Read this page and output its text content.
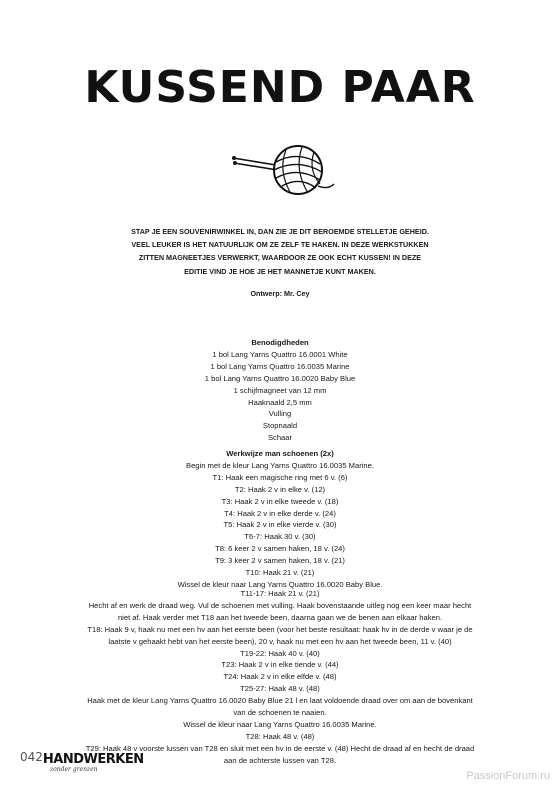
KUSSEND PAAR
STAP JE EEN SOUVENIRWINKEL IN, DAN ZIE JE DIT BEROEMDE STELLETJE GEHEID.
VEEL LEUKER IS HET NATUURLIJK OM ZE ZELF TE HAKEN. IN DEZE WERKSTUKKEN
ZITTEN MAGNEETJES VERWERKT, WAARDOOR ZE OOK ECHT KUSSEN! IN DEZE
EDITIE VIND JE HOE JE HET MANNETJE KUNT MAKEN.
Ontwerp: Mr. Cey
Benodigdheden
1 bol Lang Yarns Quattro 16.0001 White
1 bol Lang Yarns Quattro 16.0035 Marine
1 bol Lang Yarns Quattro 16.0020 Baby Blue
1 schijfmagneet van 12 mm
Haaknaald 2,5 mm
Vulling
Stopnaald
Schaar
Werkwijze man schoenen (2x)
Begin met de kleur Lang Yarns Quattro 16.0035 Marine.
T1: Haak een magische ring met 6 v. (6)
T2: Haak 2 v in elke v. (12)
T3: Haak 2 v in elke tweede v. (18)
T4: Haak 2 v in elke derde v. (24)
T5: Haak 2 v in elke vierde v. (30)
T6-7: Haak 30 v. (30)
T8: 6 keer 2 v samen haken, 18 v. (24)
T9: 3 keer 2 v samen haken, 18 v. (21)
T10: Haak 21 v. (21)
Wissel de kleur naar Lang Yarns Quattro 16.0020 Baby Blue.
T11-17: Haak 21 v. (21)
Hecht af en werk de draad weg. Vul de schoenen met vulling. Haak bovenstaande uitleg nog een keer maar hecht
niet af. Haak verder met T18 aan het tweede been, daarna gaan we de benen aan elkaar haken.
T18: Haak 9 v, haak nu met een hv aan het eerste been (voor het beste resultaat: haak hv in de derde v waar je de
laatste v gehaakt hebt van het eerste been), 20 v, haak nu met een hv aan het tweede been, 11 v. (40)
T19-22: Haak 40 v. (40)
T23: Haak 2 v in elke tiende v. (44)
T24: Haak 2 v in elke elfde v. (48)
T25-27: Haak 48 v. (48)
Haak met de kleur Lang Yarns Quattro 16.0020 Baby Blue 21 l en laat voldoende draad over om aan de bovenkant
van de schoenen te naaien.
Wissel de kleur naar Lang Yarns Quattro 16.0035 Marine.
T28: Haak 48 v. (48)
T29: Haak 48 v voorste lussen van T28 en sluit met een hv in de eerste v. (48) Hecht de draad af en hecht de draad
aan de achterste lussen van T28.
$^{042}$HANDWERKEN
zonder grenzen
PassionForum.ru
